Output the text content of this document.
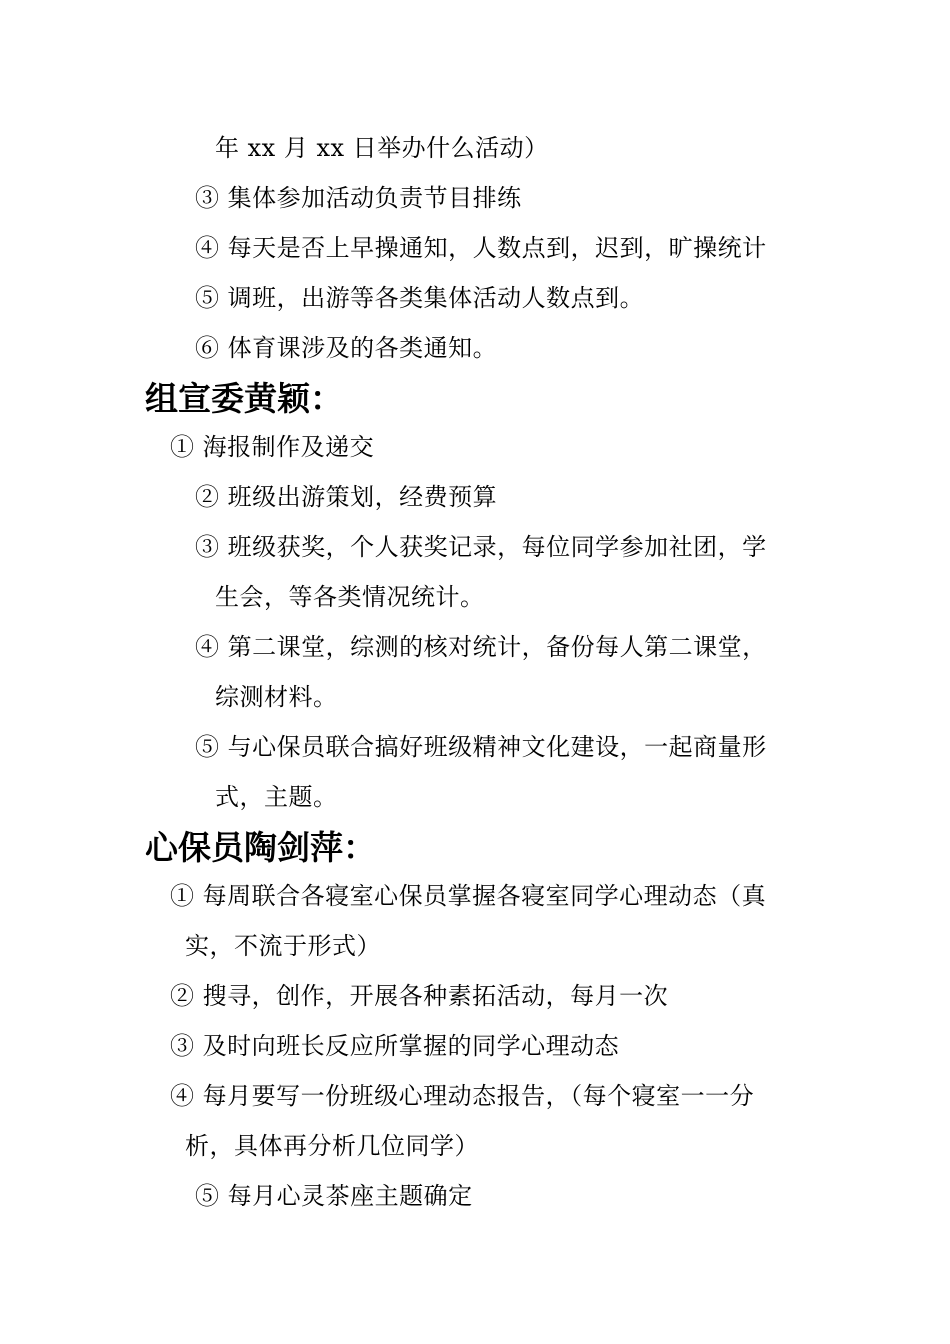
年 xx 月 xx 日举办什么活动）
③ 集体参加活动负责节目排练
④ 每天是否上早操通知，人数点到，迟到，旷操统计
⑤ 调班，出游等各类集体活动人数点到。
⑥ 体育课涉及的各类通知。
组宣委黄颖：
① 海报制作及递交
② 班级出游策划，经费预算
③ 班级获奖，个人获奖记录，每位同学参加社团，学
生会，等各类情况统计。
④ 第二课堂，综测的核对统计，备份每人第二课堂，
综测材料。
⑤ 与心保员联合搞好班级精神文化建设，一起商量形
式，主题。
心保员陶剑萍：
① 每周联合各寝室心保员掌握各寝室同学心理动态（真
实，不流于形式）
② 搜寻，创作，开展各种素拓活动，每月一次
③ 及时向班长反应所掌握的同学心理动态
④ 每月要写一份班级心理动态报告，（每个寝室一一分
析，具体再分析几位同学）
⑤ 每月心灵茶座主题确定
